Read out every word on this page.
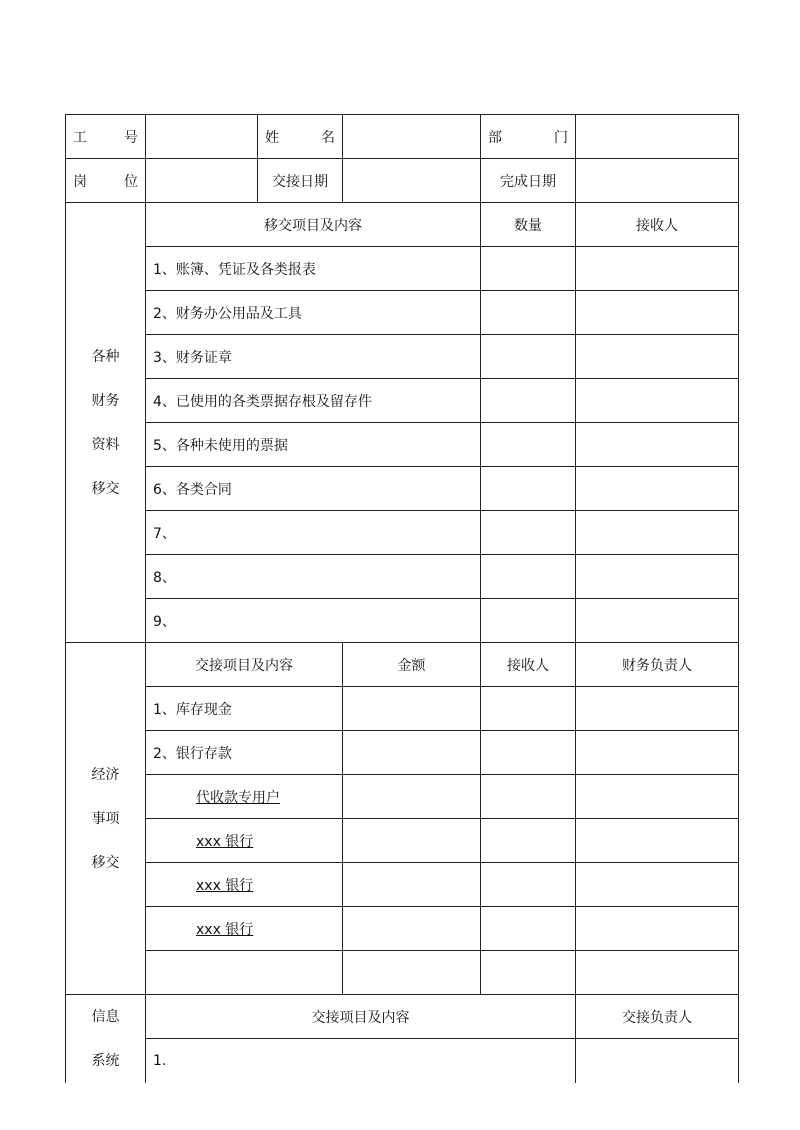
工 号		姓 名		部 门	
岗 位		交接日期		完成日期	

各种
财务
资料
移交	移交项目及内容			数量	接收人
	1、账簿、凭证及各类报表				
	2、财务办公用品及工具				
	3、财务证章				
	4、已使用的各类票据存根及留存件				
	5、各种未使用的票据				
	6、各类合同				
	7、				
	8、				
	9、				

经济
事项
移交	交接项目及内容		金额	接收人	财务负责人
	1、库存现金				
	2、银行存款				
	代收款专用户				
	xxx 银行				
	xxx 银行				
	xxx 银行				

信息
系统	交接项目及内容				交接负责人
	1.				
